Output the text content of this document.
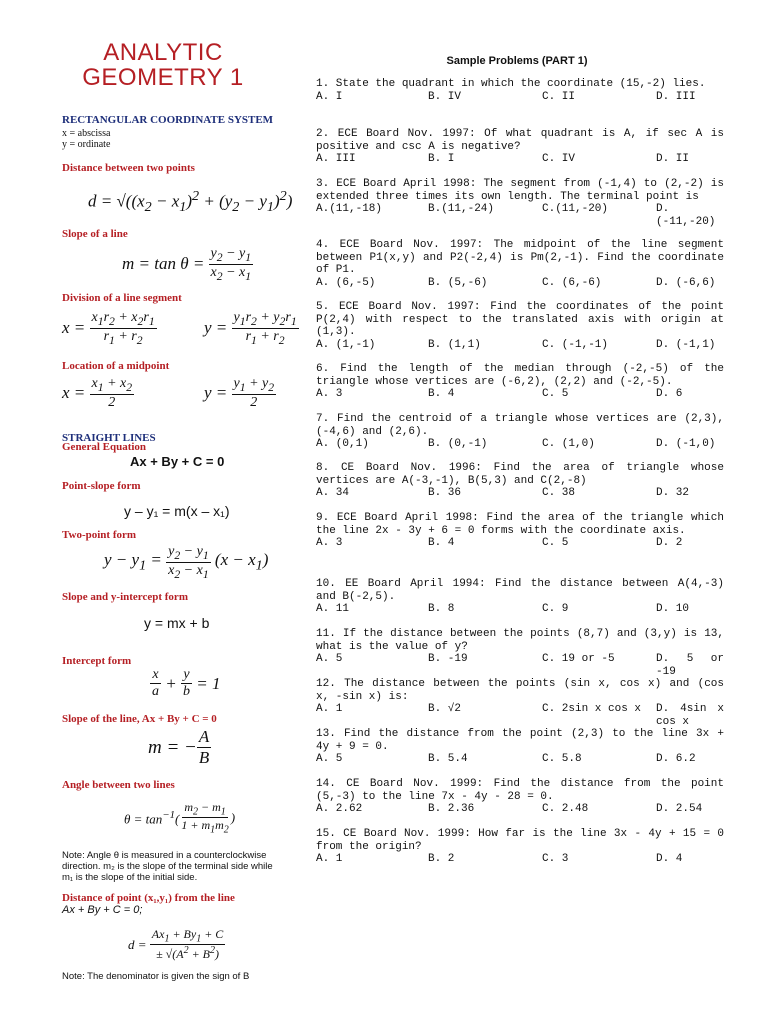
ANALYTIC
GEOMETRY 1
RECTANGULAR COORDINATE SYSTEM
x = abscissa
y = ordinate
Distance between two points
$d = √((x_2 - x_1)^2 + (y_2 - y_1)^2)$
Slope of a line
$m = \tan \theta = \frac{y_2 - y_1}{x_2 - x_1}$
Division of a line segment
$x = \frac{x_1r_2 + x_2r_1}{r_1 + r_2}$	$y = \frac{y_1r_2 + y_2r_1}{r_1 + r_2}$
Location of a midpoint
$x = \frac{x_1 + x_2}{2}$	$y = \frac{y_1 + y_2}{2}$
STRAIGHT LINES
General Equation
Ax + By + C = 0
Point-slope form
y – y₁ = m(x – x₁)
Two-point form
$y - y_1 = \frac{y_2 - y_1}{x_2 - x_1} (x - x_1)$
Slope and y-intercept form
y = mx + b
Intercept form
$\frac{x}{a} + \frac{y}{b} = 1$
Slope of the line, Ax + By + C = 0
m = − $\frac{A}{B}$
Angle between two lines
$\theta = \tan^{-1}( \frac{m_2 - m_1}{1 + m_1m_2}$ )
Note: Angle θ is measured in a counterclockwise direction. m₂ is the slope of the terminal side while m₁ is the slope of the initial side.
Distance of point (x₁,y₁) from the line
Ax + By + C = 0;
$d = \frac{Ax_1 + By_1 + C}{\pm √(A^2 + B^2)}$
Note: The denominator is given the sign of B
Sample Problems (PART 1)
1. State the quadrant in which the coordinate (15,-2) lies.
A. I	B. IV	C. II	D. III
2. ECE Board Nov. 1997: Of what quadrant is A, if sec A is positive and csc A is negative?
A. III	B. I	C. IV	D. II
3. ECE Board April 1998: The segment from (-1,4) to (2,-2) is extended three times its own length. The terminal point is
A.(11,-18)	B.(11,-24)	C.(11,-20)	D.(-11,-20)
4. ECE Board Nov. 1997: The midpoint of the line segment between P1(x,y) and P2(-2,4) is Pm(2,-1). Find the coordinate of P1.
A. (6,-5)	B. (5,-6)	C. (6,-6)	D. (-6,6)
5. ECE Board Nov. 1997: Find the coordinates of the point P(2,4) with respect to the translated axis with origin at (1,3).
A. (1,-1)	B. (1,1)	C. (-1,-1)	D. (-1,1)
6. Find the length of the median through (-2,-5) of the triangle whose vertices are (-6,2), (2,2) and (-2,-5).
A. 3	B. 4	C. 5	D. 6
7. Find the centroid of a triangle whose vertices are (2,3), (-4,6) and (2,6).
A. (0,1)	B. (0,-1)	C. (1,0)	D. (-1,0)
8. CE Board Nov. 1996: Find the area of triangle whose vertices are A(-3,-1), B(5,3) and C(2,-8)
A. 34	B. 36	C. 38	D. 32
9. ECE Board April 1998: Find the area of the triangle which the line 2x - 3y + 6 = 0 forms with the coordinate axis.
A. 3	B. 4	C. 5	D. 2
10. EE Board April 1994: Find the distance between A(4,-3) and B(-2,5).
A. 11	B. 8	C. 9	D. 10
11. If the distance between the points (8,7) and (3,y) is 13, what is the value of y?
A. 5	B. -19	C. 19 or -5	D. 5 or -19
12. The distance between the points (sin x, cos x) and (cos x, -sin x) is:
A. 1	B. √2	C. 2sin x cos x D. 4sin x cos x
13. Find the distance from the point (2,3) to the line 3x + 4y + 9 = 0.
A. 5	B. 5.4	C. 5.8	D. 6.2
14. CE Board Nov. 1999: Find the distance from the point (5,-3) to the line 7x - 4y - 28 = 0.
A. 2.62	B. 2.36	C. 2.48	D. 2.54
15. CE Board Nov. 1999: How far is the line 3x - 4y + 15 = 0 from the origin?
A. 1	B. 2	C. 3	D. 4
